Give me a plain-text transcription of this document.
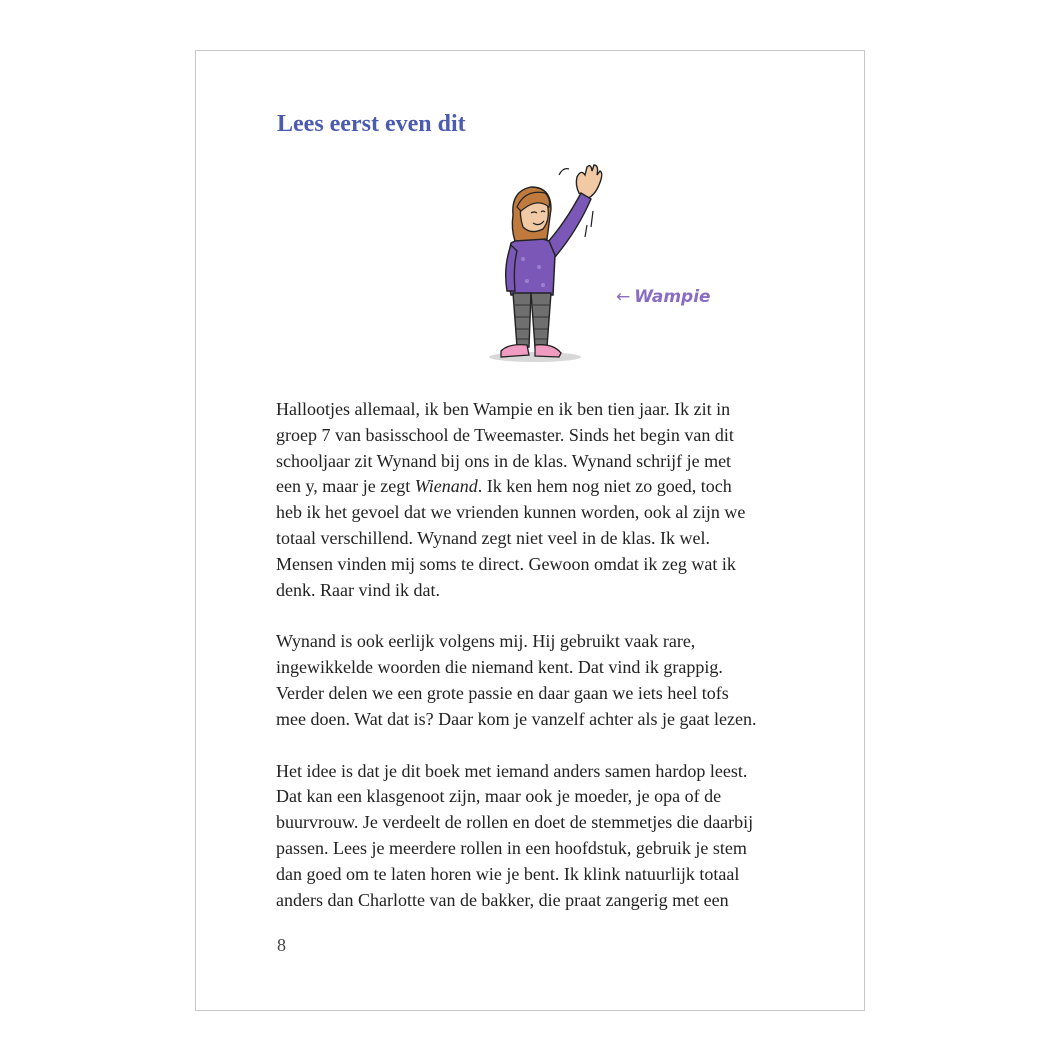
Lees eerst even dit
← Wampie

Hallootjes allemaal, ik ben Wampie en ik ben tien jaar. Ik zit in
groep 7 van basisschool de Tweemaster. Sinds het begin van dit
schooljaar zit Wynand bij ons in de klas. Wynand schrijf je met
een y, maar je zegt Wienand. Ik ken hem nog niet zo goed, toch
heb ik het gevoel dat we vrienden kunnen worden, ook al zijn we
totaal verschillend. Wynand zegt niet veel in de klas. Ik wel.
Mensen vinden mij soms te direct. Gewoon omdat ik zeg wat ik
denk. Raar vind ik dat.

Wynand is ook eerlijk volgens mij. Hij gebruikt vaak rare,
ingewikkelde woorden die niemand kent. Dat vind ik grappig.
Verder delen we een grote passie en daar gaan we iets heel tofs
mee doen. Wat dat is? Daar kom je vanzelf achter als je gaat lezen.

Het idee is dat je dit boek met iemand anders samen hardop leest.
Dat kan een klasgenoot zijn, maar ook je moeder, je opa of de
buurvrouw. Je verdeelt de rollen en doet de stemmetjes die daarbij
passen. Lees je meerdere rollen in een hoofdstuk, gebruik je stem
dan goed om te laten horen wie je bent. Ik klink natuurlijk totaal
anders dan Charlotte van de bakker, die praat zangerig met een

8
